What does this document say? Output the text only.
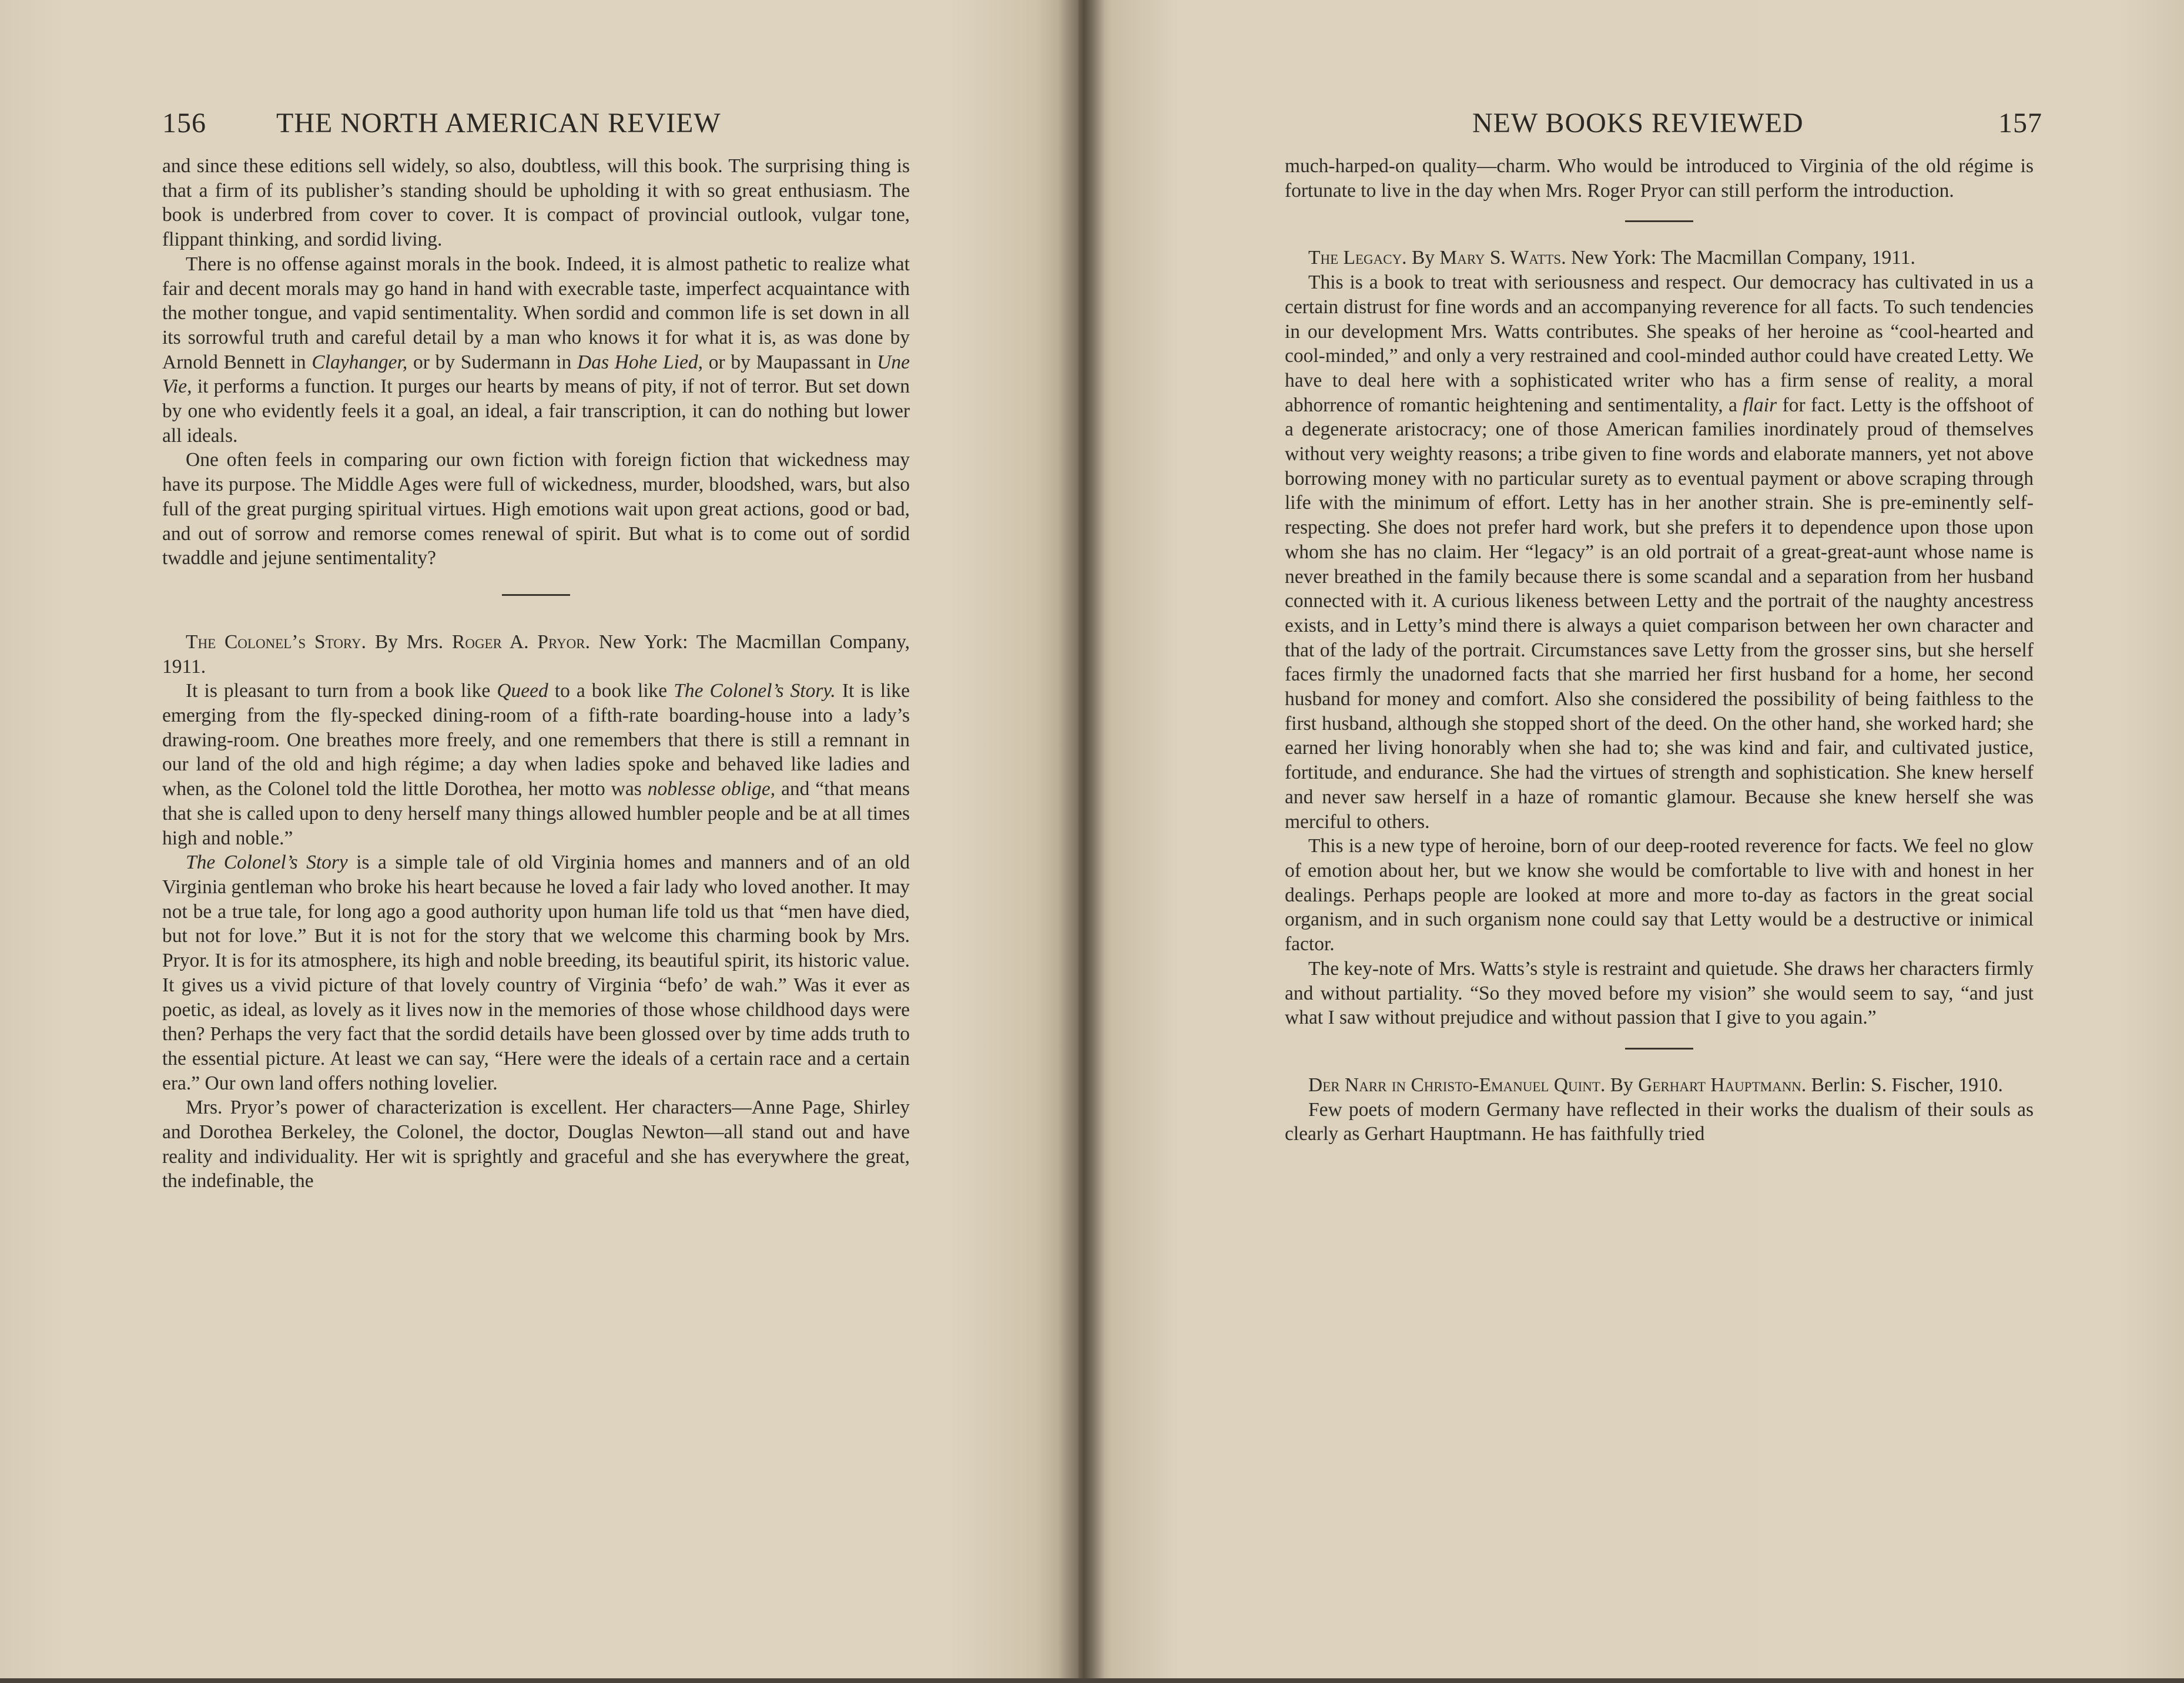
156 THE NORTH AMERICAN REVIEW

and since these editions sell widely, so also, doubtless, will this book. The surprising thing is that a firm of its publisher’s standing should be upholding it with so great enthusiasm. The book is underbred from cover to cover. It is compact of provincial outlook, vulgar tone, flippant thinking, and sordid living.

There is no offense against morals in the book. Indeed, it is almost pathetic to realize what fair and decent morals may go hand in hand with execrable taste, imperfect acquaintance with the mother tongue, and vapid sentimentality. When sordid and common life is set down in all its sorrowful truth and careful detail by a man who knows it for what it is, as was done by Arnold Bennett in Clayhanger, or by Sudermann in Das Hohe Lied, or by Maupassant in Une Vie, it performs a function. It purges our hearts by means of pity, if not of terror. But set down by one who evidently feels it a goal, an ideal, a fair transcription, it can do nothing but lower all ideals.

One often feels in comparing our own fiction with foreign fiction that wickedness may have its purpose. The Middle Ages were full of wickedness, murder, bloodshed, wars, but also full of the great purging spiritual virtues. High emotions wait upon great actions, good or bad, and out of sorrow and remorse comes renewal of spirit. But what is to come out of sordid twaddle and jejune sentimentality?

The Colonel’s Story. By Mrs. Roger A. Pryor. New York: The Macmillan Company, 1911.

It is pleasant to turn from a book like Queed to a book like The Colonel’s Story. It is like emerging from the fly-specked dining-room of a fifth-rate boarding-house into a lady’s drawing-room. One breathes more freely, and one remembers that there is still a remnant in our land of the old and high régime; a day when ladies spoke and behaved like ladies and when, as the Colonel told the little Dorothea, her motto was noblesse oblige, and “that means that she is called upon to deny herself many things allowed humbler people and be at all times high and noble.”

The Colonel’s Story is a simple tale of old Virginia homes and manners and of an old Virginia gentleman who broke his heart because he loved a fair lady who loved another. It may not be a true tale, for long ago a good authority upon human life told us that “men have died, but not for love.” But it is not for the story that we welcome this charming book by Mrs. Pryor. It is for its atmosphere, its high and noble breeding, its beautiful spirit, its historic value. It gives us a vivid picture of that lovely country of Virginia “befo’ de wah.” Was it ever as poetic, as ideal, as lovely as it lives now in the memories of those whose childhood days were then? Perhaps the very fact that the sordid details have been glossed over by time adds truth to the essential picture. At least we can say, “Here were the ideals of a certain race and a certain era.” Our own land offers nothing lovelier.

Mrs. Pryor’s power of characterization is excellent. Her characters—Anne Page, Shirley and Dorothea Berkeley, the Colonel, the doctor, Douglas Newton—all stand out and have reality and individuality. Her wit is sprightly and graceful and she has everywhere the great, the indefinable, the

NEW BOOKS REVIEWED	157

much-harped-on quality—charm. Who would be introduced to Virginia of the old régime is fortunate to live in the day when Mrs. Roger Pryor can still perform the introduction.

The Legacy. By Mary S. Watts. New York: The Macmillan Company, 1911.

This is a book to treat with seriousness and respect. Our democracy has cultivated in us a certain distrust for fine words and an accompanying reverence for all facts. To such tendencies in our development Mrs. Watts contributes. She speaks of her heroine as “cool-hearted and cool-minded,” and only a very restrained and cool-minded author could have created Letty. We have to deal here with a sophisticated writer who has a firm sense of reality, a moral abhorrence of romantic heightening and sentimentality, a flair for fact. Letty is the offshoot of a degenerate aristocracy; one of those American families inordinately proud of themselves without very weighty reasons; a tribe given to fine words and elaborate manners, yet not above borrowing money with no particular surety as to eventual payment or above scraping through life with the minimum of effort. Letty has in her another strain. She is pre-eminently self-respecting. She does not prefer hard work, but she prefers it to dependence upon those upon whom she has no claim. Her “legacy” is an old portrait of a great-great-aunt whose name is never breathed in the family because there is some scandal and a separation from her husband connected with it. A curious likeness between Letty and the portrait of the naughty ancestress exists, and in Letty’s mind there is always a quiet comparison between her own character and that of the lady of the portrait. Circumstances save Letty from the grosser sins, but she herself faces firmly the unadorned facts that she married her first husband for a home, her second husband for money and comfort. Also she considered the possibility of being faithless to the first husband, although she stopped short of the deed. On the other hand, she worked hard; she earned her living honorably when she had to; she was kind and fair, and cultivated justice, fortitude, and endurance. She had the virtues of strength and sophistication. She knew herself and never saw herself in a haze of romantic glamour. Because she knew herself she was merciful to others.

This is a new type of heroine, born of our deep-rooted reverence for facts. We feel no glow of emotion about her, but we know she would be comfortable to live with and honest in her dealings. Perhaps people are looked at more and more to-day as factors in the great social organism, and in such organism none could say that Letty would be a destructive or inimical factor.

The key-note of Mrs. Watts’s style is restraint and quietude. She draws her characters firmly and without partiality. “So they moved before my vision” she would seem to say, “and just what I saw without prejudice and without passion that I give to you again.”

Der Narr in Christo-Emanuel Quint. By Gerhart Hauptmann. Berlin: S. Fischer, 1910.

Few poets of modern Germany have reflected in their works the dualism of their souls as clearly as Gerhart Hauptmann. He has faithfully tried
